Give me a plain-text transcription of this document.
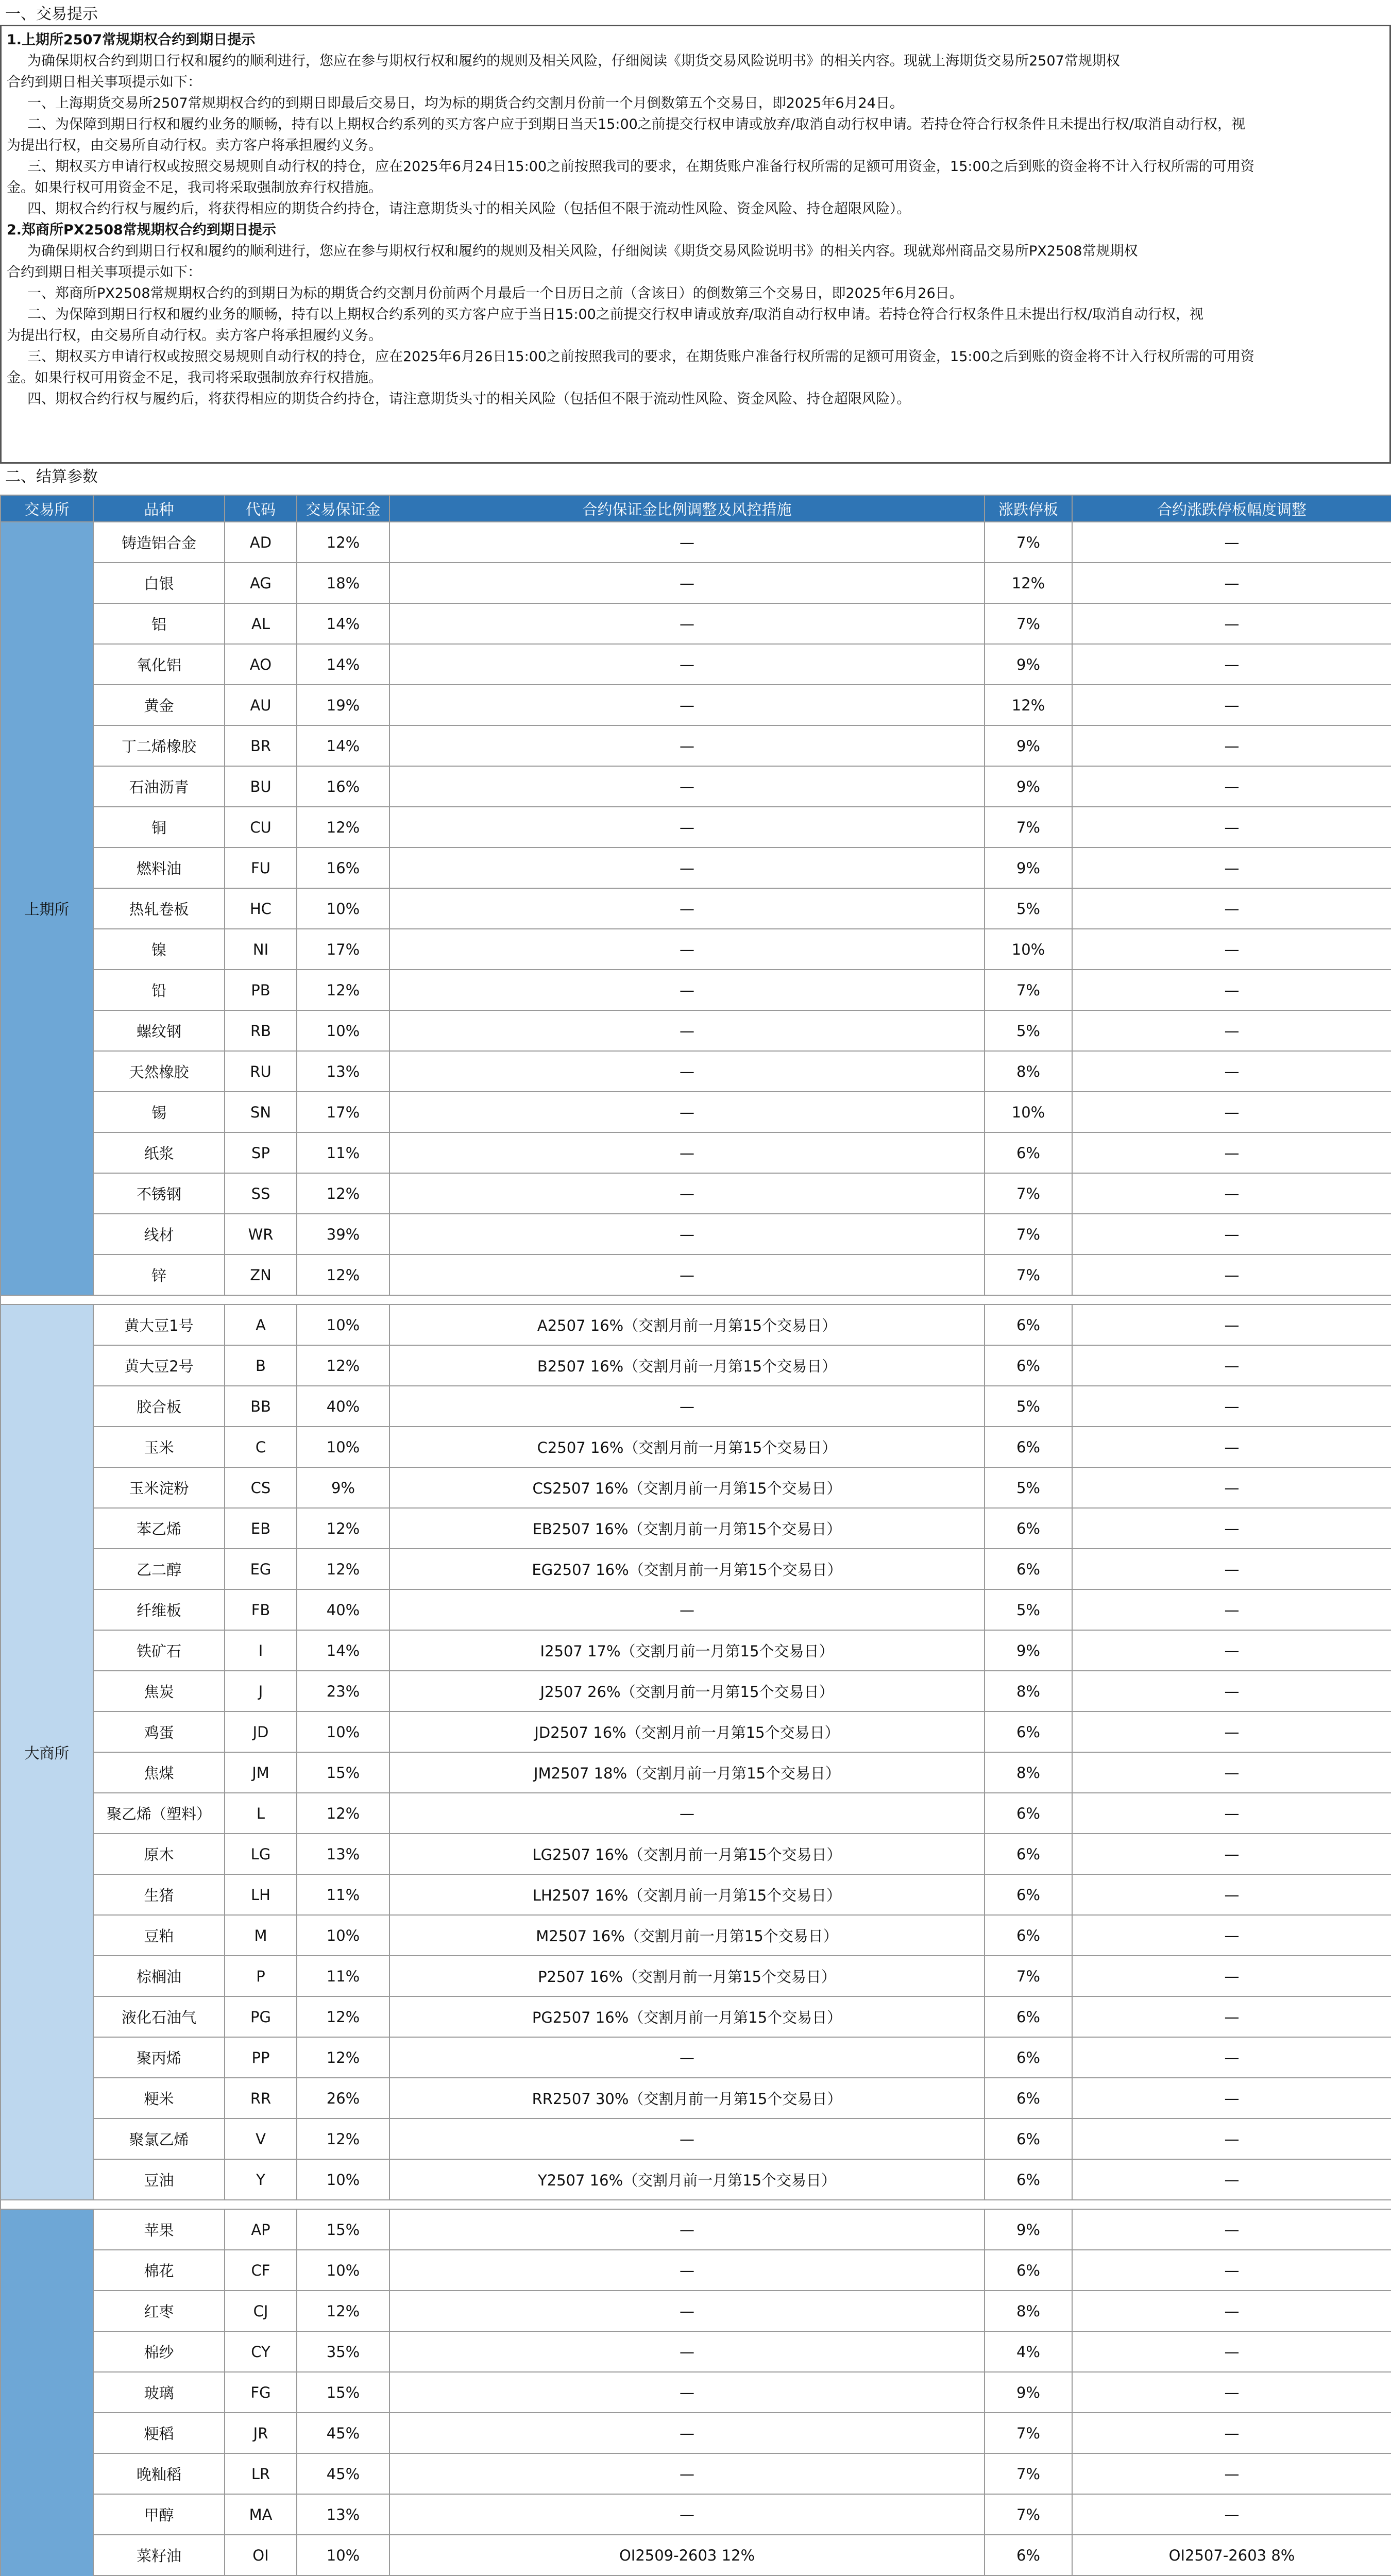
一、交易提示
1.上期所2507常规期权合约到期日提示
为确保期权合约到期日行权和履约的顺利进行，您应在参与期权行权和履约的规则及相关风险，仔细阅读《期货交易风险说明书》的相关内容。现就上海期货交易所2507常规期权
合约到期日相关事项提示如下：
一、上海期货交易所2507常规期权合约的到期日即最后交易日，均为标的期货合约交割月份前一个月倒数第五个交易日，即2025年6月24日。
二、为保障到期日行权和履约业务的顺畅，持有以上期权合约系列的买方客户应于到期日当天15:00之前提交行权申请或放弃/取消自动行权申请。若持仓符合行权条件且未提出行权/取消自动行权，视
为提出行权，由交易所自动行权。卖方客户将承担履约义务。
三、期权买方申请行权或按照交易规则自动行权的持仓，应在2025年6月24日15:00之前按照我司的要求，在期货账户准备行权所需的足额可用资金，15:00之后到账的资金将不计入行权所需的可用资
金。如果行权可用资金不足，我司将采取强制放弃行权措施。
四、期权合约行权与履约后，将获得相应的期货合约持仓，请注意期货头寸的相关风险（包括但不限于流动性风险、资金风险、持仓超限风险）。
2.郑商所PX2508常规期权合约到期日提示
为确保期权合约到期日行权和履约的顺利进行，您应在参与期权行权和履约的规则及相关风险，仔细阅读《期货交易风险说明书》的相关内容。现就郑州商品交易所PX2508常规期权
合约到期日相关事项提示如下：
一、郑商所PX2508常规期权合约的到期日为标的期货合约交割月份前两个月最后一个日历日之前（含该日）的倒数第三个交易日，即2025年6月26日。
二、为保障到期日行权和履约业务的顺畅，持有以上期权合约系列的买方客户应于当日15:00之前提交行权申请或放弃/取消自动行权申请。若持仓符合行权条件且未提出行权/取消自动行权，视
为提出行权，由交易所自动行权。卖方客户将承担履约义务。
三、期权买方申请行权或按照交易规则自动行权的持仓，应在2025年6月26日15:00之前按照我司的要求，在期货账户准备行权所需的足额可用资金，15:00之后到账的资金将不计入行权所需的可用资
金。如果行权可用资金不足，我司将采取强制放弃行权措施。
四、期权合约行权与履约后，将获得相应的期货合约持仓，请注意期货头寸的相关风险（包括但不限于流动性风险、资金风险、持仓超限风险）。
二、结算参数
交易所	品种	代码	交易保证金	合约保证金比例调整及风控措施	涨跌停板	合约涨跌停板幅度调整
上期所	铸造铝合金	AD	12%	—	7%	—
	白银	AG	18%	—	12%	—
	铝	AL	14%	—	7%	—
	氧化铝	AO	14%	—	9%	—
	黄金	AU	19%	—	12%	—
	丁二烯橡胶	BR	14%	—	9%	—
	石油沥青	BU	16%	—	9%	—
	铜	CU	12%	—	7%	—
	燃料油	FU	16%	—	9%	—
	热轧卷板	HC	10%	—	5%	—
	镍	NI	17%	—	10%	—
	铅	PB	12%	—	7%	—
	螺纹钢	RB	10%	—	5%	—
	天然橡胶	RU	13%	—	8%	—
	锡	SN	17%	—	10%	—
	纸浆	SP	11%	—	6%	—
	不锈钢	SS	12%	—	7%	—
	线材	WR	39%	—	7%	—
	锌	ZN	12%	—	7%	—

大商所	黄大豆1号	A	10%	A2507 16%（交割月前一月第15个交易日）	6%	—
	黄大豆2号	B	12%	B2507 16%（交割月前一月第15个交易日）	6%	—
	胶合板	BB	40%	—	5%	—
	玉米	C	10%	C2507 16%（交割月前一月第15个交易日）	6%	—
	玉米淀粉	CS	9%	CS2507 16%（交割月前一月第15个交易日）	5%	—
	苯乙烯	EB	12%	EB2507 16%（交割月前一月第15个交易日）	6%	—
	乙二醇	EG	12%	EG2507 16%（交割月前一月第15个交易日）	6%	—
	纤维板	FB	40%	—	5%	—
	铁矿石	I	14%	I2507 17%（交割月前一月第15个交易日）	9%	—
	焦炭	J	23%	J2507 26%（交割月前一月第15个交易日）	8%	—
	鸡蛋	JD	10%	JD2507 16%（交割月前一月第15个交易日）	6%	—
	焦煤	JM	15%	JM2507 18%（交割月前一月第15个交易日）	8%	—
	聚乙烯（塑料）	L	12%	—	6%	—
	原木	LG	13%	LG2507 16%（交割月前一月第15个交易日）	6%	—
	生猪	LH	11%	LH2507 16%（交割月前一月第15个交易日）	6%	—
	豆粕	M	10%	M2507 16%（交割月前一月第15个交易日）	6%	—
	棕榈油	P	11%	P2507 16%（交割月前一月第15个交易日）	7%	—
	液化石油气	PG	12%	PG2507 16%（交割月前一月第15个交易日）	6%	—
	聚丙烯	PP	12%	—	6%	—
	粳米	RR	26%	RR2507 30%（交割月前一月第15个交易日）	6%	—
	聚氯乙烯	V	12%	—	6%	—
	豆油	Y	10%	Y2507 16%（交割月前一月第15个交易日）	6%	—

	苹果	AP	15%	—	9%	—
	棉花	CF	10%	—	6%	—
	红枣	CJ	12%	—	8%	—
	棉纱	CY	35%	—	4%	—
	玻璃	FG	15%	—	9%	—
	粳稻	JR	45%	—	7%	—
	晚籼稻	LR	45%	—	7%	—
	甲醇	MA	13%	—	7%	—
	菜籽油	OI	10%	OI2509-2603 12%	6%	OI2507-2603 8%
